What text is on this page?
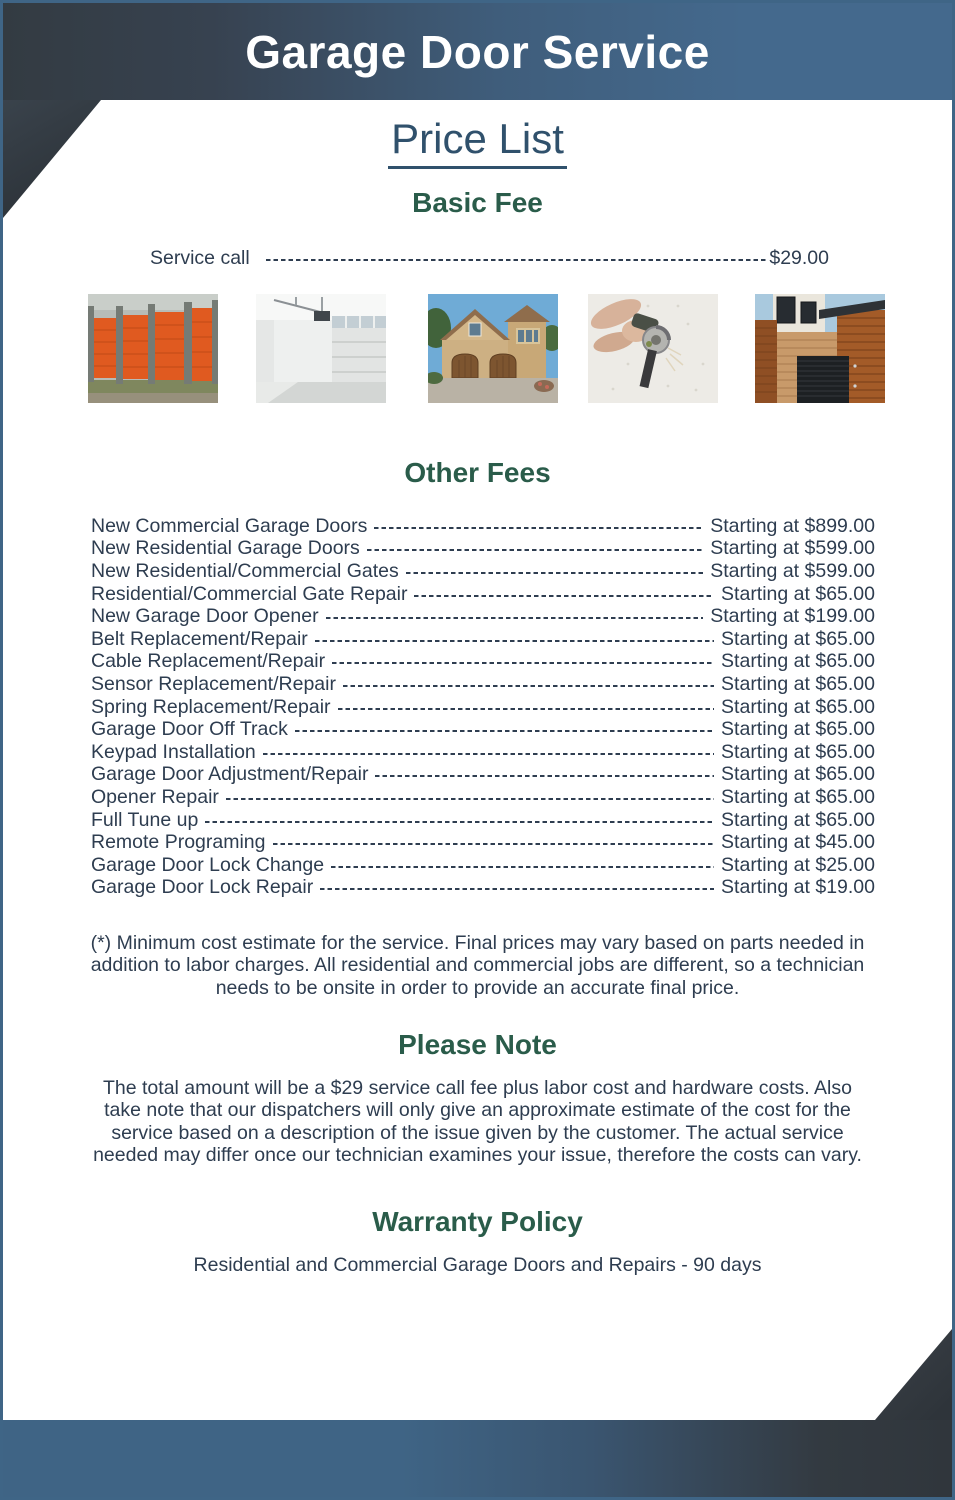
Garage Door Service
Price List
Basic Fee
Service call	$29.00
Other Fees
New Commercial Garage Doors	Starting at $899.00
New Residential Garage Doors	Starting at $599.00
New Residential/Commercial Gates	Starting at $599.00
Residential/Commercial Gate Repair	Starting at $65.00
New Garage Door Opener	Starting at $199.00
Belt Replacement/Repair	Starting at $65.00
Cable Replacement/Repair	Starting at $65.00
Sensor Replacement/Repair	Starting at $65.00
Spring Replacement/Repair	Starting at $65.00
Garage Door Off Track	Starting at $65.00
Keypad Installation	Starting at $65.00
Garage Door Adjustment/Repair	Starting at $65.00
Opener Repair	Starting at $65.00
Full Tune up	Starting at $65.00
Remote Programing	Starting at $45.00
Garage Door Lock Change	Starting at $25.00
Garage Door Lock Repair	Starting at $19.00
(*) Minimum cost estimate for the service. Final prices may vary based on parts needed in
addition to labor charges. All residential and commercial jobs are different, so a technician
needs to be onsite in order to provide an accurate final price.
Please Note
The total amount will be a $29 service call fee plus labor cost and hardware costs. Also
take note that our dispatchers will only give an approximate estimate of the cost for the
service based on a description of the issue given by the customer. The actual service
needed may differ once our technician examines your issue, therefore the costs can vary.
Warranty Policy
Residential and Commercial Garage Doors and Repairs - 90 days
